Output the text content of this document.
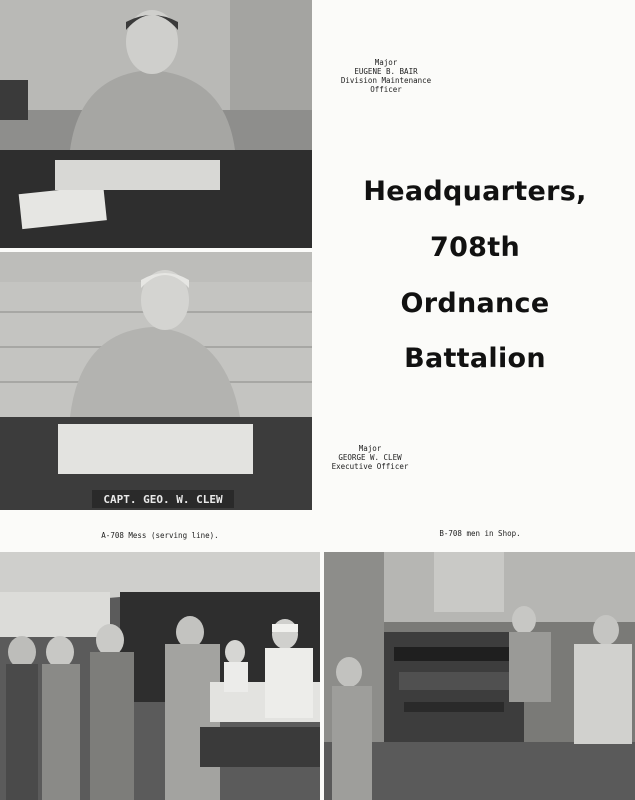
Major
EUGENE B. BAIR
Division Maintenance Officer
Headquarters,
708th
Ordnance
Battalion
CAPT. GEO. W. CLEW
Major
GEORGE W. CLEW
Executive Officer
A-708 Mess (serving line).	B-708 men in Shop.
